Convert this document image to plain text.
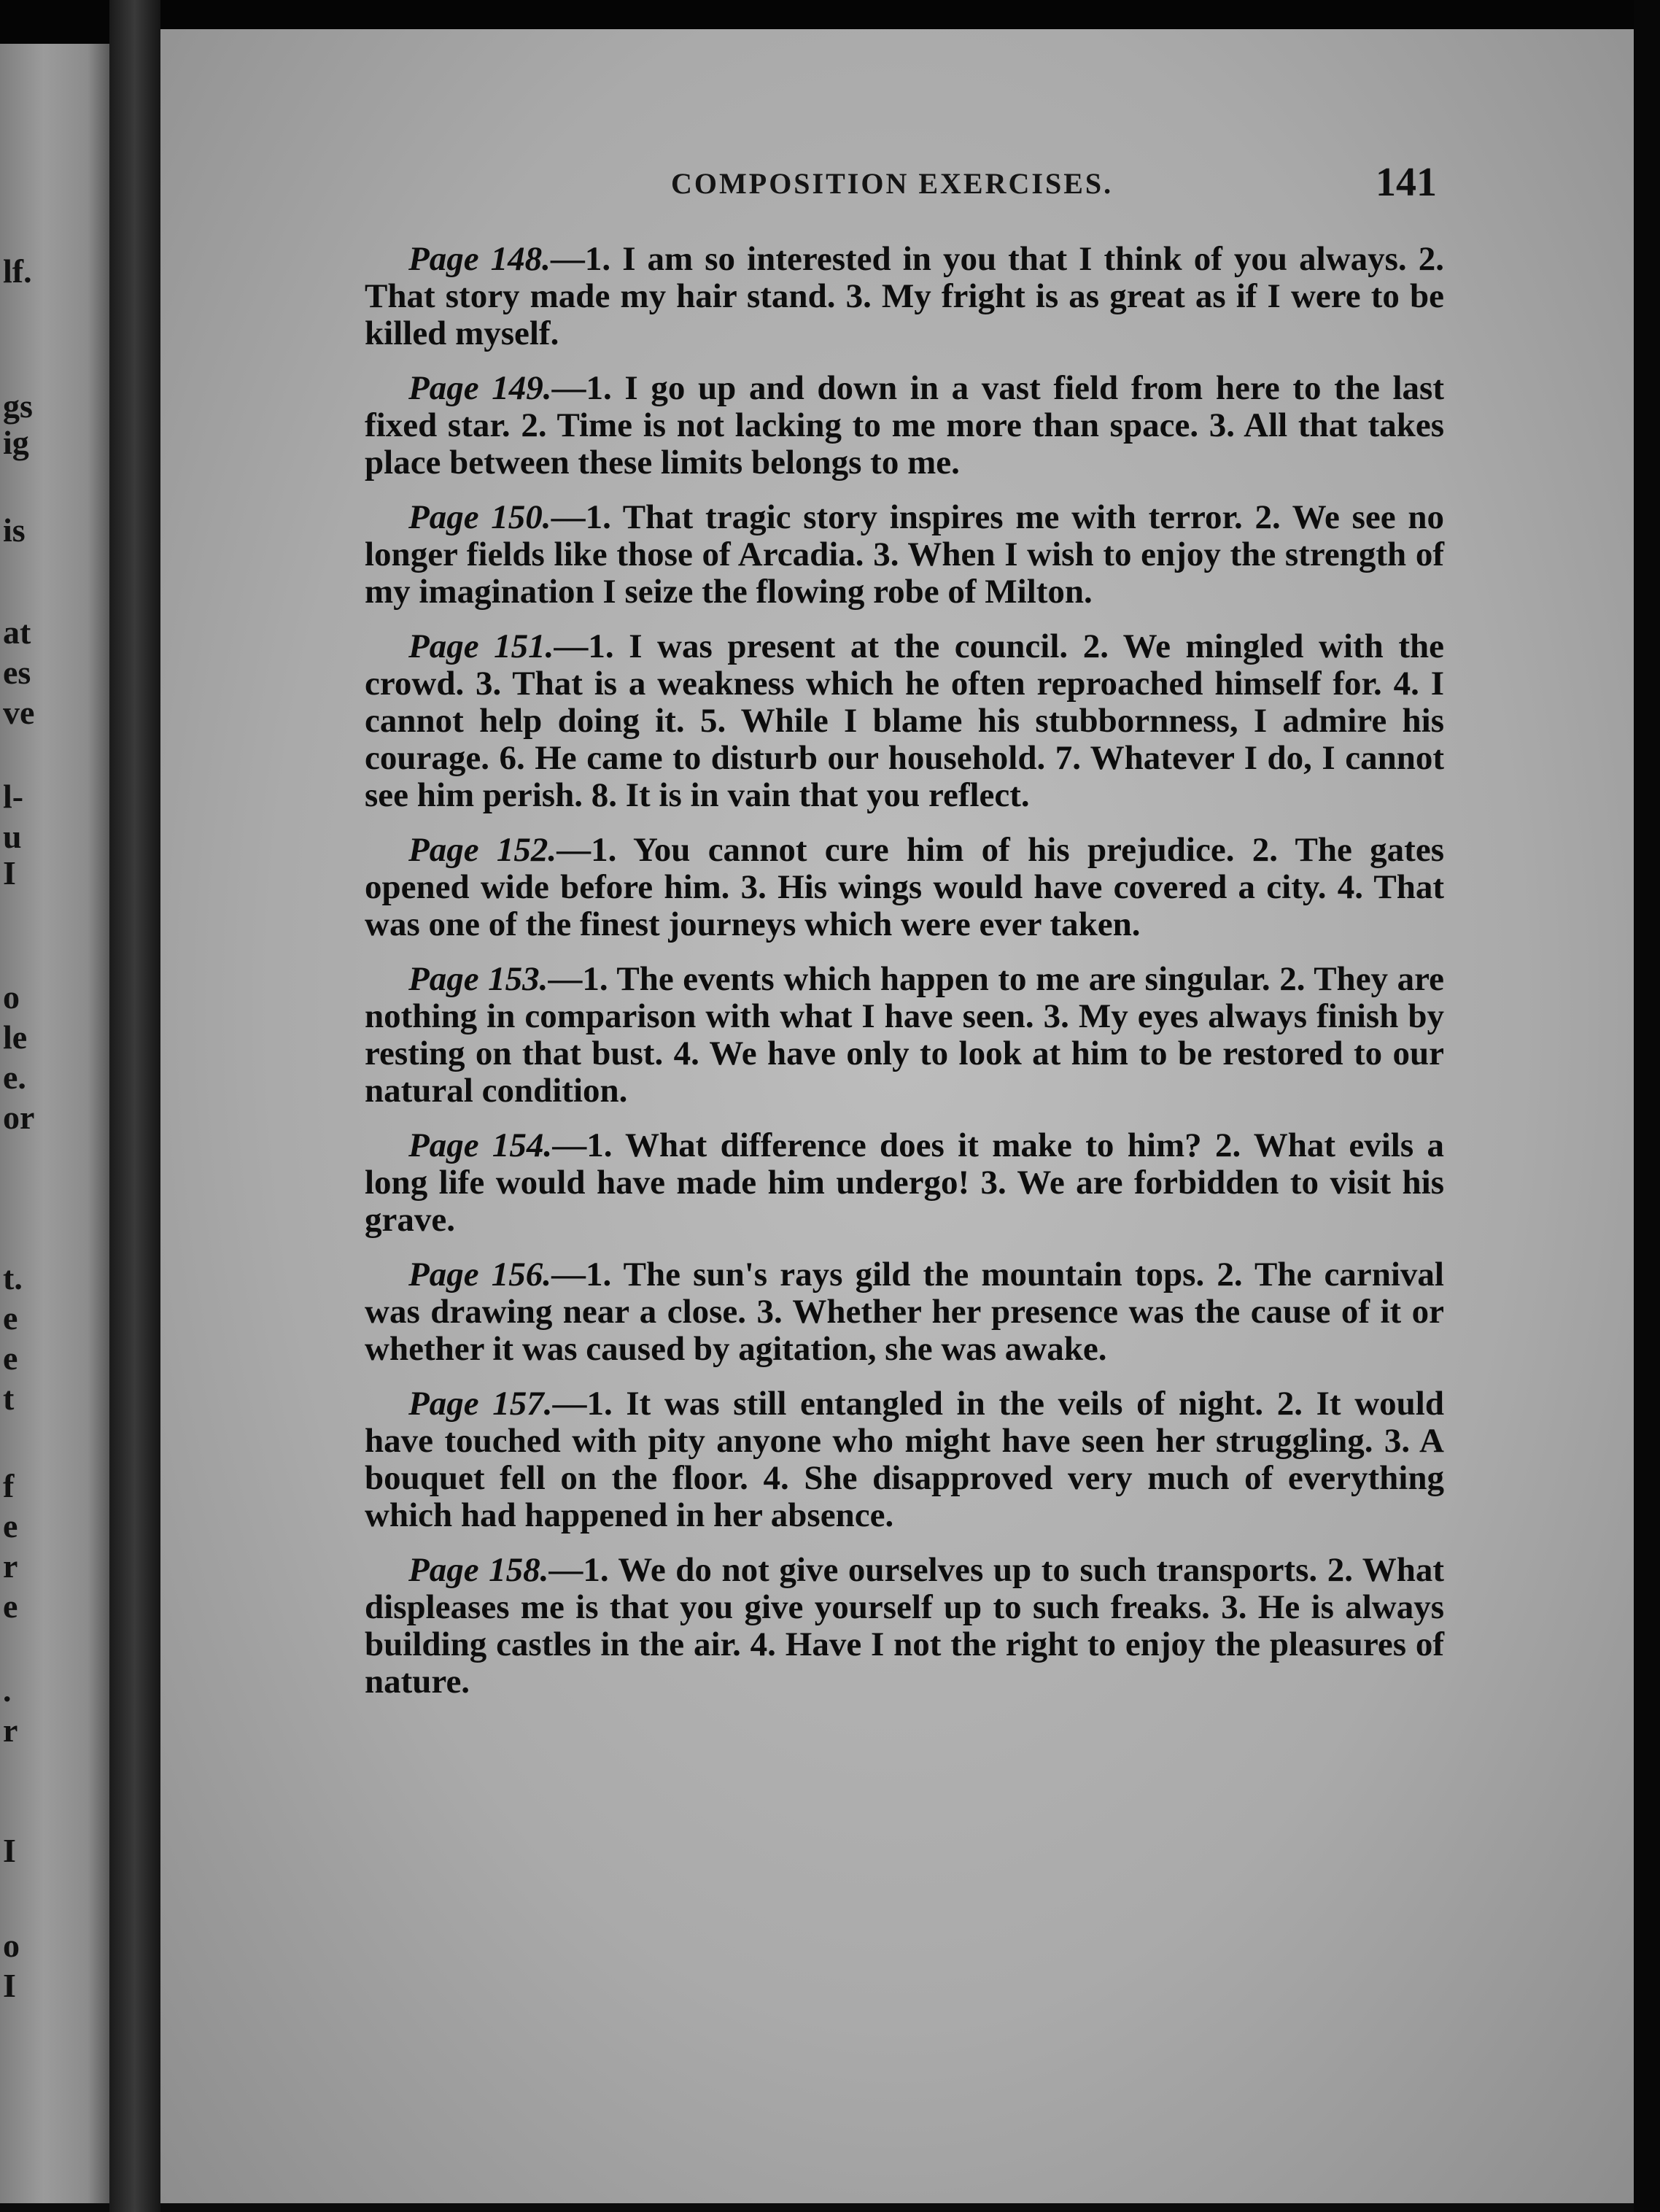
lf.
gs
ig
is
at
es
ve
l-
u
I
o
le
e.
or
t.
e
e
t
f
e
r
e
.
r
I
o
I
COMPOSITION EXERCISES.	141

Page 148.—1. I am so interested in you that I think of you always. 2. That story made my hair stand. 3. My fright is as great as if I were to be killed myself.

Page 149.—1. I go up and down in a vast field from here to the last fixed star. 2. Time is not lacking to me more than space. 3. All that takes place between these limits belongs to me.

Page 150.—1. That tragic story inspires me with terror. 2. We see no longer fields like those of Arcadia. 3. When I wish to enjoy the strength of my imagination I seize the flowing robe of Milton.

Page 151.—1. I was present at the council. 2. We mingled with the crowd. 3. That is a weakness which he often reproached himself for. 4. I cannot help doing it. 5. While I blame his stubbornness, I admire his courage. 6. He came to disturb our household. 7. Whatever I do, I cannot see him perish. 8. It is in vain that you reflect.

Page 152.—1. You cannot cure him of his prejudice. 2. The gates opened wide before him. 3. His wings would have covered a city. 4. That was one of the finest journeys which were ever taken.

Page 153.—1. The events which happen to me are singular. 2. They are nothing in comparison with what I have seen. 3. My eyes always finish by resting on that bust. 4. We have only to look at him to be restored to our natural condition.

Page 154.—1. What difference does it make to him? 2. What evils a long life would have made him undergo! 3. We are forbidden to visit his grave.

Page 156.—1. The sun's rays gild the mountain tops. 2. The carnival was drawing near a close. 3. Whether her presence was the cause of it or whether it was caused by agitation, she was awake.

Page 157.—1. It was still entangled in the veils of night. 2. It would have touched with pity anyone who might have seen her struggling. 3. A bouquet fell on the floor. 4. She disapproved very much of everything which had happened in her absence.

Page 158.—1. We do not give ourselves up to such transports. 2. What displeases me is that you give yourself up to such freaks. 3. He is always building castles in the air. 4. Have I not the right to enjoy the pleasures of nature.
